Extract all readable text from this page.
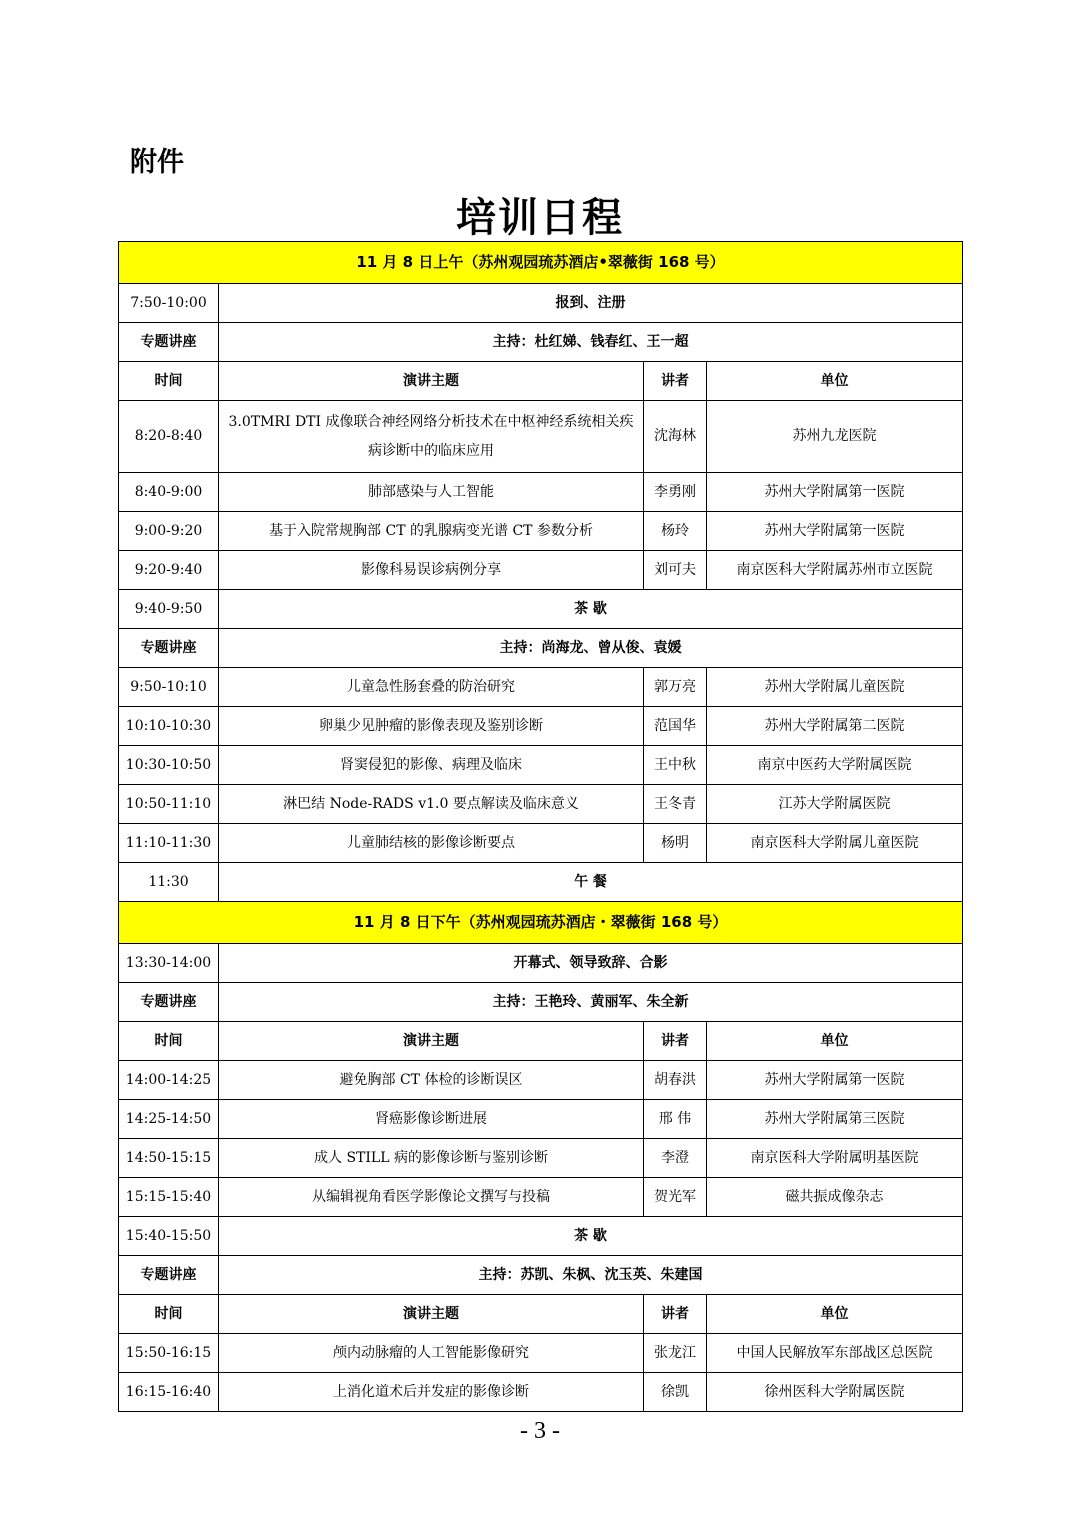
附件
培训日程
11 月 8 日上午（苏州观园琉苏酒店•翠薇街 168 号）			
7:50-10:00	报到、注册		
专题讲座	主持：杜红娣、钱春红、王一超		
时间	演讲主题	讲者	单位
8:20-8:40	3.0TMRI DTI 成像联合神经网络分析技术在中枢神经系统相关疾病诊断中的临床应用	沈海林	苏州九龙医院
8:40-9:00	肺部感染与人工智能	李勇刚	苏州大学附属第一医院
9:00-9:20	基于入院常规胸部 CT 的乳腺病变光谱 CT 参数分析	杨玲	苏州大学附属第一医院
9:20-9:40	影像科易误诊病例分享	刘可夫	南京医科大学附属苏州市立医院
9:40-9:50	茶 歇		
专题讲座	主持：尚海龙、曾从俊、袁媛		
9:50-10:10	儿童急性肠套叠的防治研究	郭万亮	苏州大学附属儿童医院
10:10-10:30	卵巢少见肿瘤的影像表现及鉴别诊断	范国华	苏州大学附属第二医院
10:30-10:50	肾窦侵犯的影像、病理及临床	王中秋	南京中医药大学附属医院
10:50-11:10	淋巴结 Node-RADS v1.0 要点解读及临床意义	王冬青	江苏大学附属医院
11:10-11:30	儿童肺结核的影像诊断要点	杨明	南京医科大学附属儿童医院
11:30	午 餐		
11 月 8 日下午（苏州观园琉苏酒店・翠薇街 168 号）			
13:30-14:00	开幕式、领导致辞、合影		
专题讲座	主持：王艳玲、黄丽军、朱全新		
时间	演讲主题	讲者	单位
14:00-14:25	避免胸部 CT 体检的诊断误区	胡春洪	苏州大学附属第一医院
14:25-14:50	肾癌影像诊断进展	邢 伟	苏州大学附属第三医院
14:50-15:15	成人 STILL 病的影像诊断与鉴别诊断	李澄	南京医科大学附属明基医院
15:15-15:40	从编辑视角看医学影像论文撰写与投稿	贺光军	磁共振成像杂志
15:40-15:50	茶 歇		
专题讲座	主持：苏凯、朱枫、沈玉英、朱建国		
时间	演讲主题	讲者	单位
15:50-16:15	颅内动脉瘤的人工智能影像研究	张龙江	中国人民解放军东部战区总医院
16:15-16:40	上消化道术后并发症的影像诊断	徐凯	徐州医科大学附属医院
- 3 -
